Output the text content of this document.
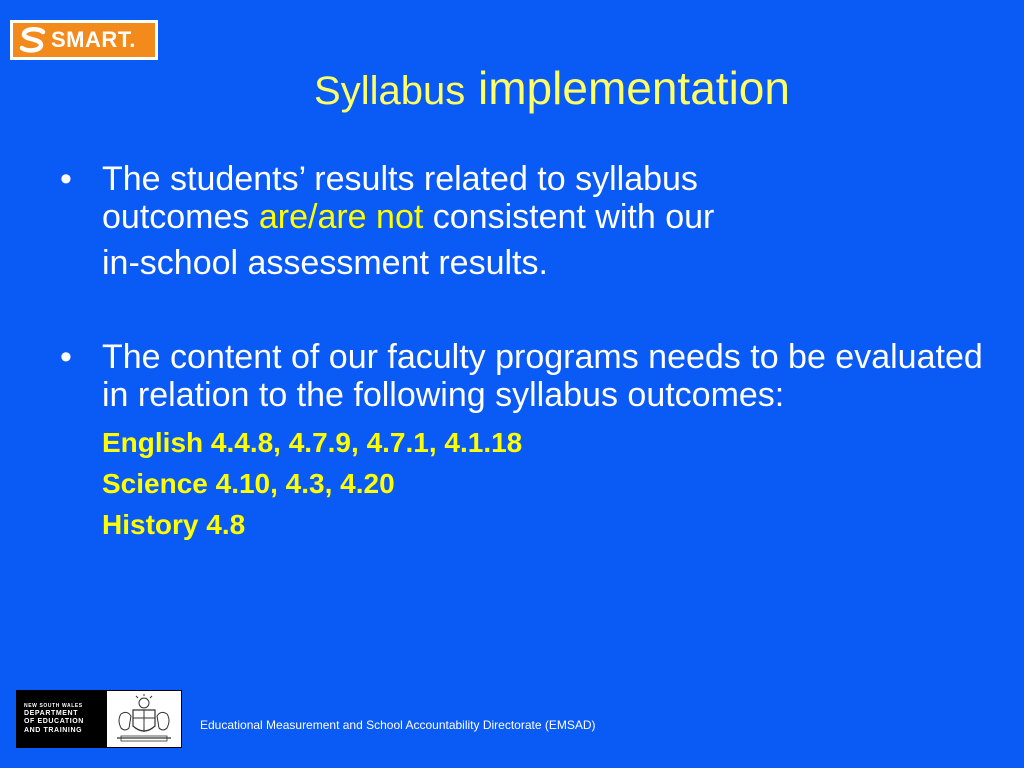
SMART.
Syllabus implementation
• The students’ results related to syllabus
outcomes are/are not consistent with our
in-school assessment results.
• The content of our faculty programs needs to be evaluated in relation to the following syllabus outcomes:
English 4.4.8, 4.7.9, 4.7.1, 4.1.18
Science 4.10, 4.3, 4.20
History 4.8
NEW SOUTH WALES
DEPARTMENT
OF EDUCATION
AND TRAINING	Educational Measurement and School Accountability Directorate (EMSAD)
